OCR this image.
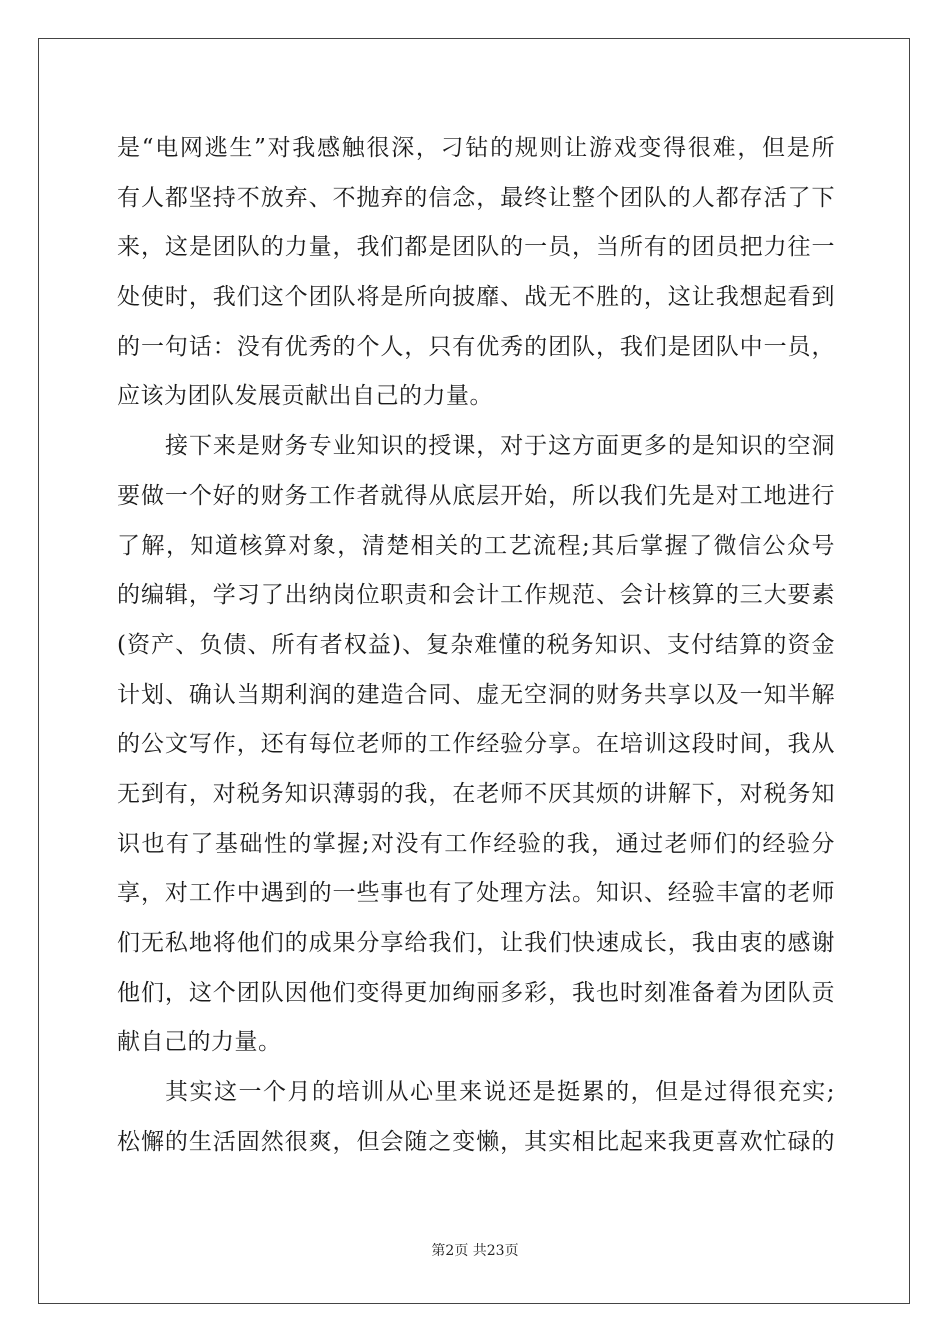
是“电网逃生”对我感触很深，刁钻的规则让游戏变得很难，但是所
有人都坚持不放弃、不抛弃的信念，最终让整个团队的人都存活了下
来，这是团队的力量，我们都是团队的一员，当所有的团员把力往一
处使时，我们这个团队将是所向披靡、战无不胜的，这让我想起看到
的一句话：没有优秀的个人，只有优秀的团队，我们是团队中一员，
应该为团队发展贡献出自己的力量。
接下来是财务专业知识的授课，对于这方面更多的是知识的空洞
要做一个好的财务工作者就得从底层开始，所以我们先是对工地进行
了解，知道核算对象，清楚相关的工艺流程;其后掌握了微信公众号
的编辑，学习了出纳岗位职责和会计工作规范、会计核算的三大要素
(资产、负债、所有者权益)、复杂难懂的税务知识、支付结算的资金
计划、确认当期利润的建造合同、虚无空洞的财务共享以及一知半解
的公文写作，还有每位老师的工作经验分享。在培训这段时间，我从
无到有，对税务知识薄弱的我，在老师不厌其烦的讲解下，对税务知
识也有了基础性的掌握;对没有工作经验的我，通过老师们的经验分
享，对工作中遇到的一些事也有了处理方法。知识、经验丰富的老师
们无私地将他们的成果分享给我们，让我们快速成长，我由衷的感谢
他们，这个团队因他们变得更加绚丽多彩，我也时刻准备着为团队贡
献自己的力量。
其实这一个月的培训从心里来说还是挺累的，但是过得很充实;
松懈的生活固然很爽，但会随之变懒，其实相比起来我更喜欢忙碌的
第2页 共23页
